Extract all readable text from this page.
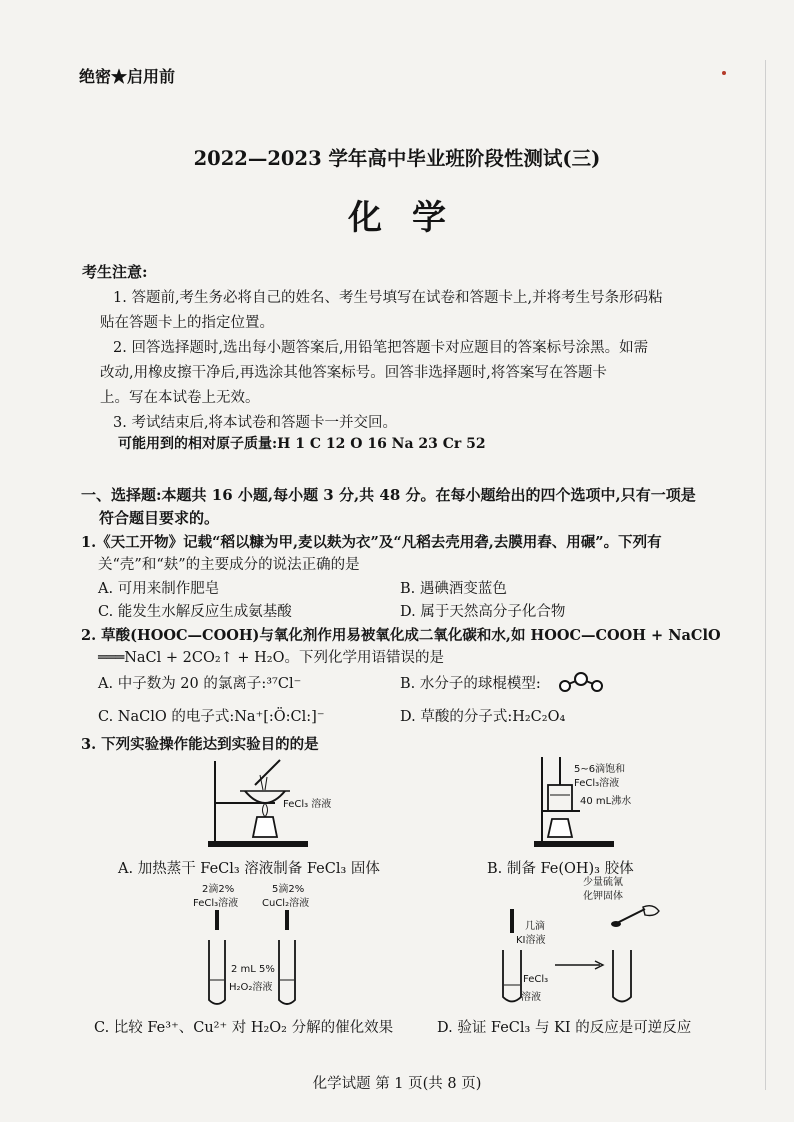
绝密★启用前
2022—2023 学年高中毕业班阶段性测试(三)
化学
考生注意:
1. 答题前,考生务必将自己的姓名、考生号填写在试卷和答题卡上,并将考生号条形码粘
贴在答题卡上的指定位置。
2. 回答选择题时,选出每小题答案后,用铅笔把答题卡对应题目的答案标号涂黑。如需
改动,用橡皮擦干净后,再选涂其他答案标号。回答非选择题时,将答案写在答题卡
上。写在本试卷上无效。
3. 考试结束后,将本试卷和答题卡一并交回。
可能用到的相对原子质量:H 1 C 12 O 16 Na 23 Cr 52
一、选择题:本题共 16 小题,每小题 3 分,共 48 分。在每小题给出的四个选项中,只有一项是
符合题目要求的。
1.《天工开物》记载“稻以糠为甲,麦以麸为衣”及“凡稻去壳用砻,去膜用舂、用碾”。下列有
关“壳”和“麸”的主要成分的说法正确的是
A. 可用来制作肥皂	B. 遇碘酒变蓝色
C. 能发生水解反应生成氨基酸	D. 属于天然高分子化合物
2. 草酸(HOOC—COOH)与氧化剂作用易被氧化成二氧化碳和水,如 HOOC—COOH + NaClO
═══NaCl + 2CO₂↑ + H₂O。下列化学用语错误的是
A. 中子数为 20 的氯离子:³⁷Cl⁻	B. 水分子的球棍模型:
C. NaClO 的电子式:Na⁺[:Ö:Cl:]⁻	D. 草酸的分子式:H₂C₂O₄
3. 下列实验操作能达到实验目的的是
FeCl₃ 溶液
A. 加热蒸干 FeCl₃ 溶液制备 FeCl₃ 固体
5~6滴饱和
FeCl₃溶液
40 mL沸水
B. 制备 Fe(OH)₃ 胶体
2滴2%
FeCl₃溶液
5滴2%
CuCl₂溶液
2 mL 5%
H₂O₂溶液
C. 比较 Fe³⁺、Cu²⁺ 对 H₂O₂ 分解的催化效果
几滴
KI溶液
少量硫氰
化钾固体
FeCl₃
溶液
D. 验证 FeCl₃ 与 KI 的反应是可逆反应
化学试题 第 1 页(共 8 页)
